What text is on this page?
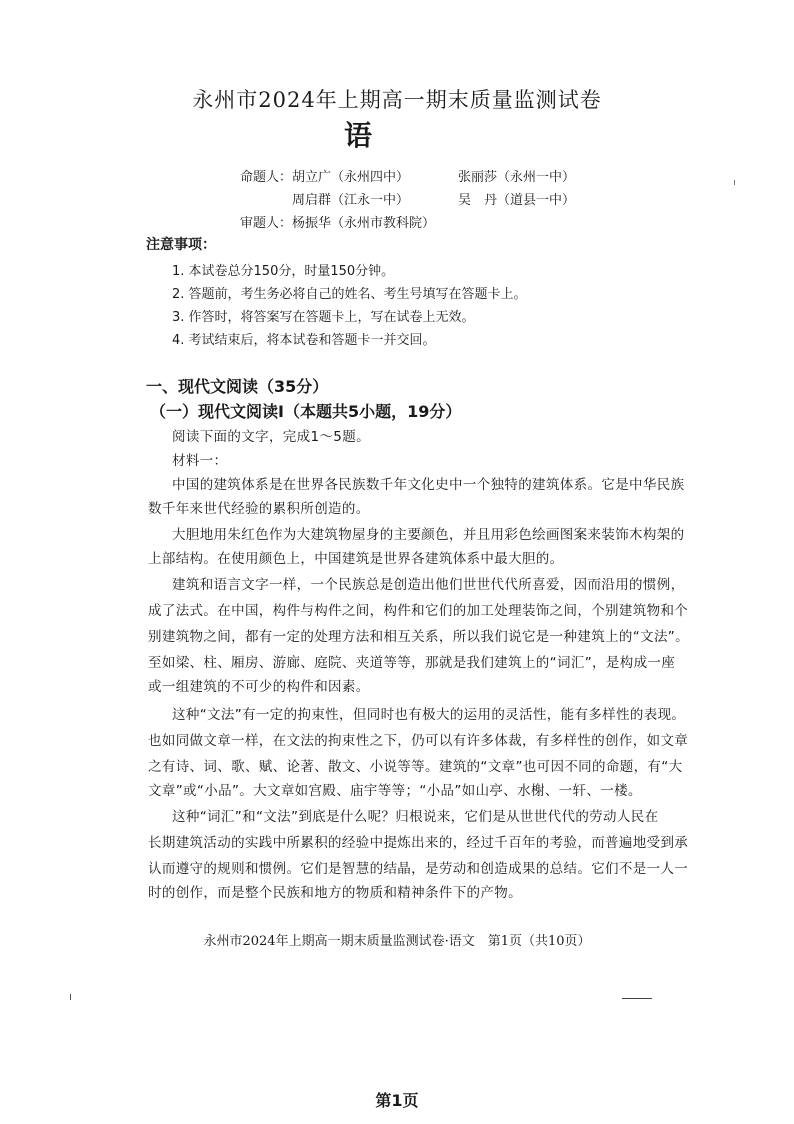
永州市2024年上期高一期末质量监测试卷
语
命题人：胡立广（永州四中）	张丽莎（永州一中）
周启群（江永一中）	吴　丹（道县一中）
审题人：杨振华（永州市教科院）
注意事项：
1. 本试卷总分150分，时量150分钟。
2. 答题前，考生务必将自己的姓名、考生号填写在答题卡上。
3. 作答时，将答案写在答题卡上，写在试卷上无效。
4. 考试结束后，将本试卷和答题卡一并交回。
一、现代文阅读（35分）
（一）现代文阅读Ⅰ（本题共5小题，19分）
阅读下面的文字，完成1～5题。
材料一：
中国的建筑体系是在世界各民族数千年文化史中一个独特的建筑体系。它是中华民族
数千年来世代经验的累积所创造的。
大胆地用朱红色作为大建筑物屋身的主要颜色，并且用彩色绘画图案来装饰木构架的
上部结构。在使用颜色上，中国建筑是世界各建筑体系中最大胆的。
建筑和语言文字一样，一个民族总是创造出他们世世代代所喜爱，因而沿用的惯例，
成了法式。在中国，构件与构件之间，构件和它们的加工处理装饰之间，个别建筑物和个
别建筑物之间，都有一定的处理方法和相互关系，所以我们说它是一种建筑上的“文法”。
至如梁、柱、厢房、游廊、庭院、夹道等等，那就是我们建筑上的“词汇”，是构成一座
或一组建筑的不可少的构件和因素。
这种“文法”有一定的拘束性，但同时也有极大的运用的灵活性，能有多样性的表现。
也如同做文章一样，在文法的拘束性之下，仍可以有许多体裁，有多样性的创作，如文章
之有诗、词、歌、赋、论著、散文、小说等等。建筑的“文章”也可因不同的命题，有“大
文章”或“小品”。大文章如宫殿、庙宇等等；“小品”如山亭、水榭、一轩、一楼。
这种“词汇”和“文法”到底是什么呢？归根说来，它们是从世世代代的劳动人民在
长期建筑活动的实践中所累积的经验中提炼出来的，经过千百年的考验，而普遍地受到承
认而遵守的规则和惯例。它们是智慧的结晶，是劳动和创造成果的总结。它们不是一人一
时的创作，而是整个民族和地方的物质和精神条件下的产物。
永州市2024年上期高一期末质量监测试卷·语文　第1页（共10页）
第1页
